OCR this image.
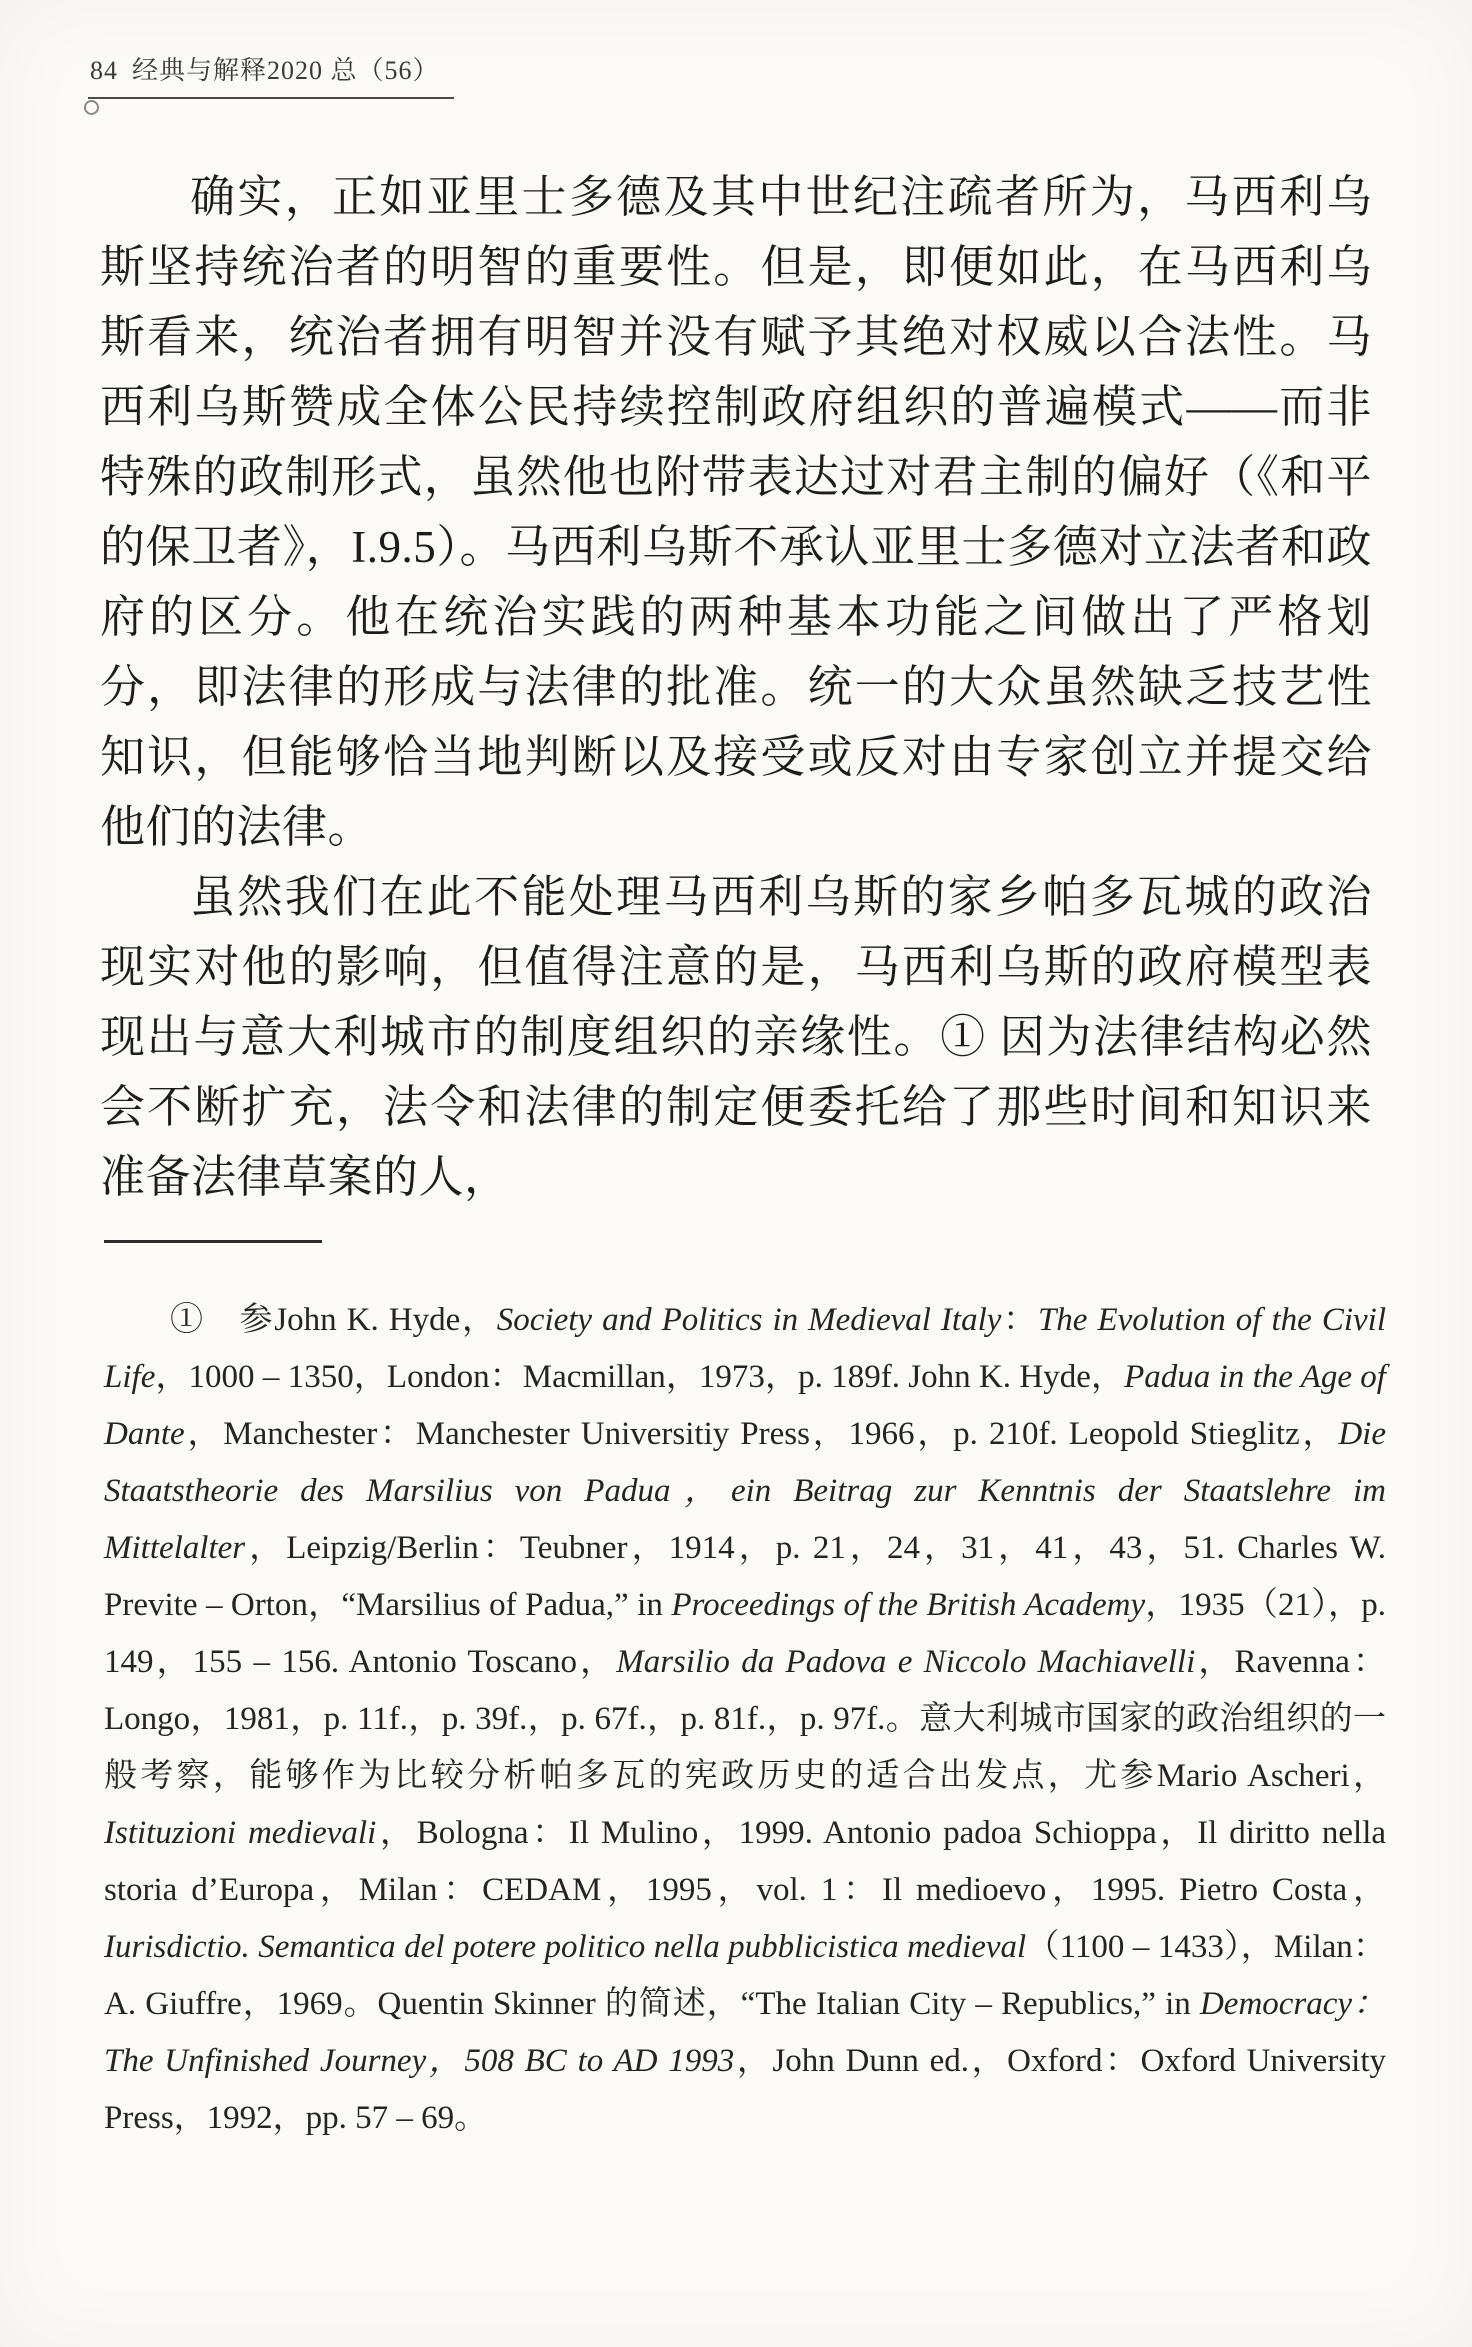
84 经典与解释2020 总（56）

确实，正如亚里士多德及其中世纪注疏者所为，马西利乌斯坚持统治者的明智的重要性。但是，即便如此，在马西利乌斯看来，统治者拥有明智并没有赋予其绝对权威以合法性。马西利乌斯赞成全体公民持续控制政府组织的普遍模式——而非特殊的政制形式，虽然他也附带表达过对君主制的偏好（《和平的保卫者》，I.9.5）。马西利乌斯不承认亚里士多德对立法者和政府的区分。他在统治实践的两种基本功能之间做出了严格划分，即法律的形成与法律的批准。统一的大众虽然缺乏技艺性知识，但能够恰当地判断以及接受或反对由专家创立并提交给他们的法律。

虽然我们在此不能处理马西利乌斯的家乡帕多瓦城的政治现实对他的影响，但值得注意的是，马西利乌斯的政府模型表现出与意大利城市的制度组织的亲缘性。① 因为法律结构必然会不断扩充，法令和法律的制定便委托给了那些时间和知识来准备法律草案的人，

①　参John K. Hyde，Society and Politics in Medieval Italy：The Evolution of the Civil Life，1000 – 1350，London：Macmillan，1973，p. 189f. John K. Hyde，Padua in the Age of Dante，Manchester：Manchester Universitiy Press，1966，p. 210f. Leopold Stieglitz，Die Staatstheorie des Marsilius von Padua，ein Beitrag zur Kenntnis der Staatslehre im Mittelalter，Leipzig/Berlin：Teubner，1914，p. 21，24，31，41，43，51. Charles W. Previte – Orton，“Marsilius of Padua,” in Proceedings of the British Academy，1935（21），p. 149，155 – 156. Antonio Toscano，Marsilio da Padova e Niccolo Machiavelli，Ravenna：Longo，1981，p. 11f.，p. 39f.，p. 67f.，p. 81f.，p. 97f.。意大利城市国家的政治组织的一般考察，能够作为比较分析帕多瓦的宪政历史的适合出发点，尤参Mario Ascheri，Istituzioni medievali，Bologna：Il Mulino，1999. Antonio padoa Schioppa，Il diritto nella storia d’Europa，Milan：CEDAM，1995，vol. 1：Il medioevo，1995. Pietro Costa，Iurisdictio. Semantica del potere politico nella pubblicistica medieval（1100 – 1433），Milan：A. Giuffre，1969。Quentin Skinner 的简述，“The Italian City – Republics,” in Democracy：The Unfinished Journey，508 BC to AD 1993，John Dunn ed.，Oxford：Oxford University Press，1992，pp. 57 – 69。
